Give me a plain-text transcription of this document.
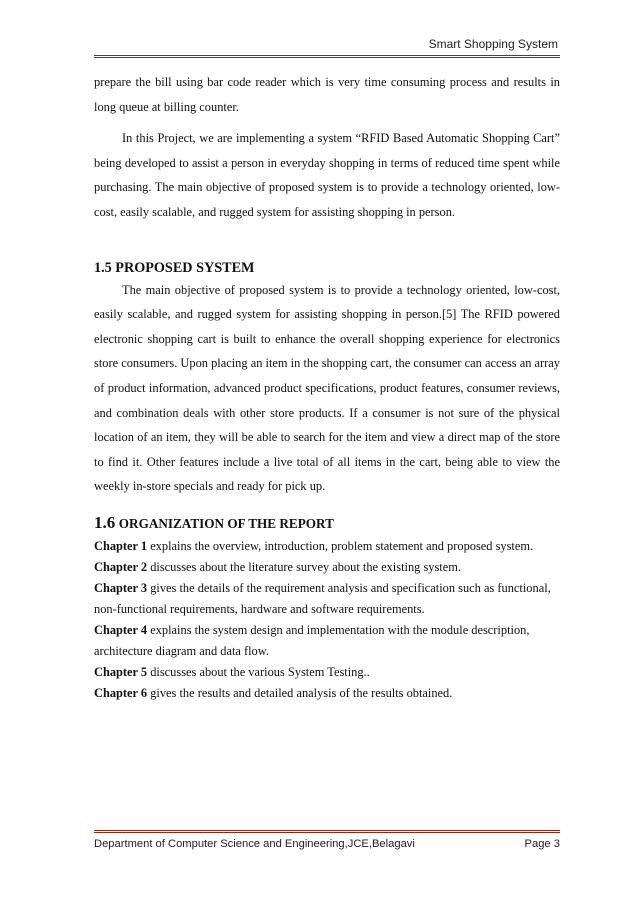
Smart Shopping System

prepare the bill using bar code reader which is very time consuming process and results in long queue at billing counter.

In this Project, we are implementing a system “RFID Based Automatic Shopping Cart” being developed to assist a person in everyday shopping in terms of reduced time spent while purchasing. The main objective of proposed system is to provide a technology oriented, low-cost, easily scalable, and rugged system for assisting shopping in person.

1.5 PROPOSED SYSTEM

The main objective of proposed system is to provide a technology oriented, low-cost, easily scalable, and rugged system for assisting shopping in person.[5] The RFID powered electronic shopping cart is built to enhance the overall shopping experience for electronics store consumers. Upon placing an item in the shopping cart, the consumer can access an array of product information, advanced product specifications, product features, consumer reviews, and combination deals with other store products. If a consumer is not sure of the physical location of an item, they will be able to search for the item and view a direct map of the store to find it. Other features include a live total of all items in the cart, being able to view the weekly in-store specials and ready for pick up.

1.6 ORGANIZATION OF THE REPORT

Chapter 1 explains the overview, introduction, problem statement and proposed system.

Chapter 2 discusses about the literature survey about the existing system.

Chapter 3 gives the details of the requirement analysis and specification such as functional, non-functional requirements, hardware and software requirements.

Chapter 4 explains the system design and implementation with the module description, architecture diagram and data flow.

Chapter 5 discusses about the various System Testing..

Chapter 6 gives the results and detailed analysis of the results obtained.

Department of Computer Science and Engineering,JCE,Belagavi	Page 3
